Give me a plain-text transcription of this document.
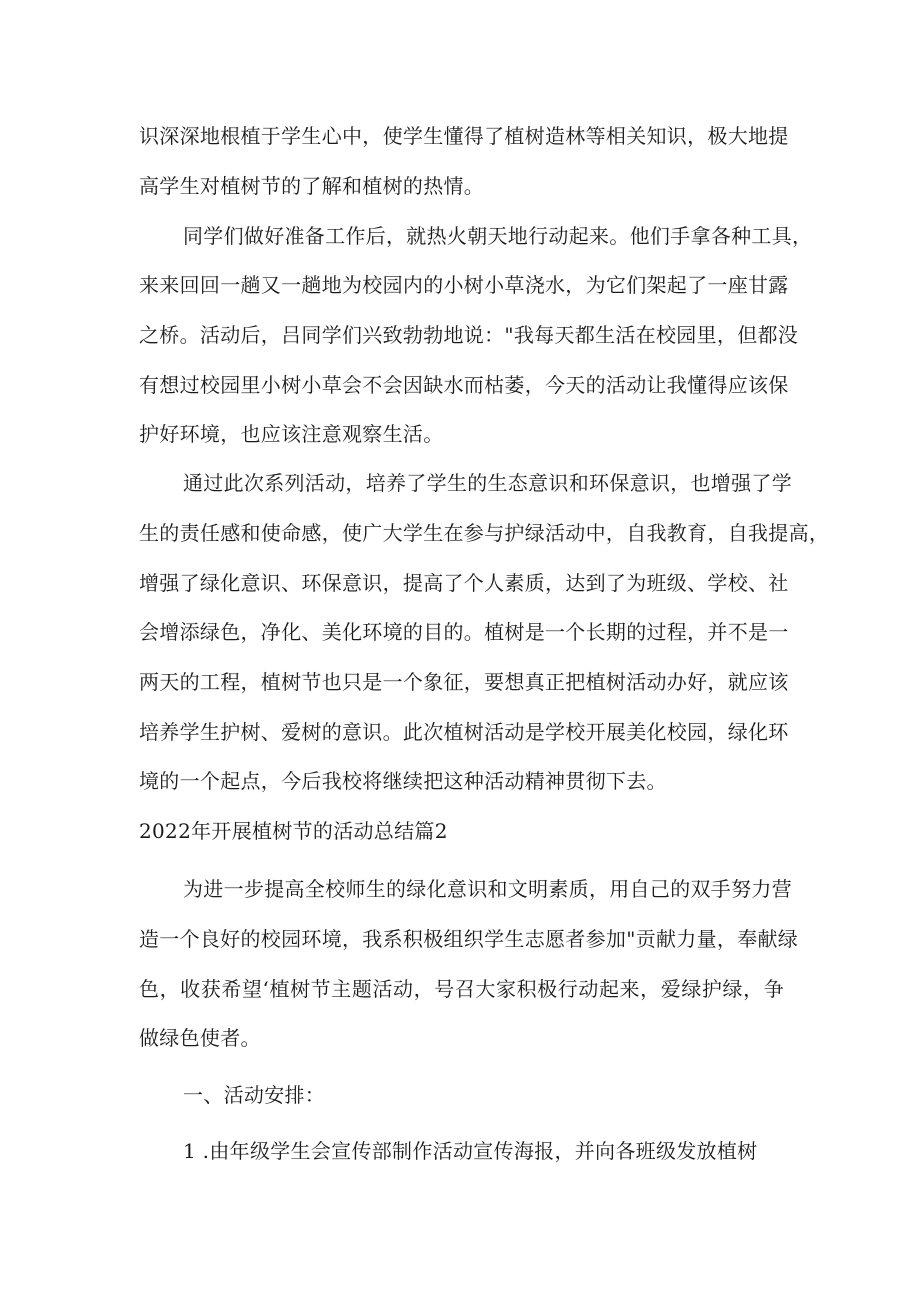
识深深地根植于学生心中，使学生懂得了植树造林等相关知识，极大地提
高学生对植树节的了解和植树的热情。
同学们做好准备工作后，就热火朝天地行动起来。他们手拿各种工具，
来来回回一趟又一趟地为校园内的小树小草浇水，为它们架起了一座甘露
之桥。活动后，吕同学们兴致勃勃地说："我每天都生活在校园里，但都没
有想过校园里小树小草会不会因缺水而枯萎，今天的活动让我懂得应该保
护好环境，也应该注意观察生活。
通过此次系列活动，培养了学生的生态意识和环保意识，也增强了学
生的责任感和使命感，使广大学生在参与护绿活动中，自我教育，自我提高，
增强了绿化意识、环保意识，提高了个人素质，达到了为班级、学校、社
会增添绿色，净化、美化环境的目的。植树是一个长期的过程，并不是一
两天的工程，植树节也只是一个象征，要想真正把植树活动办好，就应该
培养学生护树、爱树的意识。此次植树活动是学校开展美化校园，绿化环
境的一个起点，今后我校将继续把这种活动精神贯彻下去。
2022年开展植树节的活动总结篇2
为进一步提高全校师生的绿化意识和文明素质，用自己的双手努力营
造一个良好的校园环境，我系积极组织学生志愿者参加"贡献力量，奉献绿
色，收获希望‘植树节主题活动，号召大家积极行动起来，爱绿护绿，争
做绿色使者。
一、活动安排：
1 .由年级学生会宣传部制作活动宣传海报，并向各班级发放植树
